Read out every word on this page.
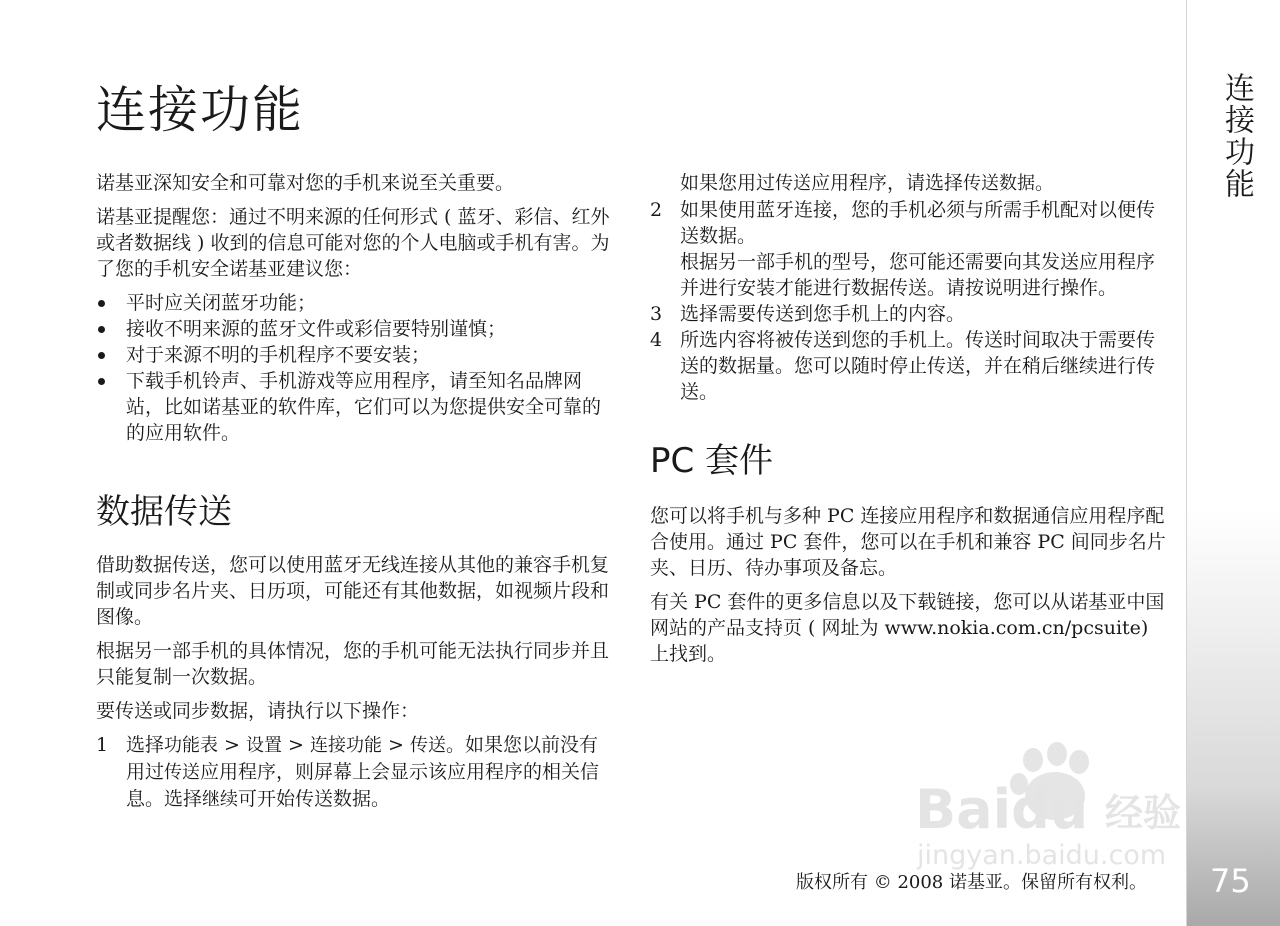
连接功能
连接功能

诺基亚深知安全和可靠对您的手机来说至关重要。

诺基亚提醒您：通过不明来源的任何形式 ( 蓝牙、彩信、红外或者数据线 ) 收到的信息可能对您的个人电脑或手机有害。为了您的手机安全诺基亚建议您：

平时应关闭蓝牙功能；
接收不明来源的蓝牙文件或彩信要特别谨慎；
对于来源不明的手机程序不要安装；
下载手机铃声、手机游戏等应用程序，请至知名品牌网站，比如诺基亚的软件库，它们可以为您提供安全可靠的的应用软件。
数据传送

借助数据传送，您可以使用蓝牙无线连接从其他的兼容手机复制或同步名片夹、日历项，可能还有其他数据，如视频片段和图像。

根据另一部手机的具体情况，您的手机可能无法执行同步并且只能复制一次数据。

要传送或同步数据，请执行以下操作：

1 选择功能表 > 设置 > 连接功能 > 传送。如果您以前没有用过传送应用程序，则屏幕上会显示该应用程序的相关信息。选择继续可开始传送数据。
如果您用过传送应用程序，请选择传送数据。
2 如果使用蓝牙连接，您的手机必须与所需手机配对以便传送数据。
根据另一部手机的型号，您可能还需要向其发送应用程序并进行安装才能进行数据传送。请按说明进行操作。
3 选择需要传送到您手机上的内容。
4 所选内容将被传送到您的手机上。传送时间取决于需要传送的数据量。您可以随时停止传送，并在稍后继续进行传送。
PC 套件

您可以将手机与多种 PC 连接应用程序和数据通信应用程序配合使用。通过 PC 套件，您可以在手机和兼容 PC 间同步名片夹、日历、待办事项及备忘。

有关 PC 套件的更多信息以及下载链接，您可以从诺基亚中国网站的产品支持页 ( 网址为 www.nokia.com.cn/pcsuite) 上找到。

Baidu 经验
jingyan.baidu.com
版权所有 © 2008 诺基亚。保留所有权利。 75
